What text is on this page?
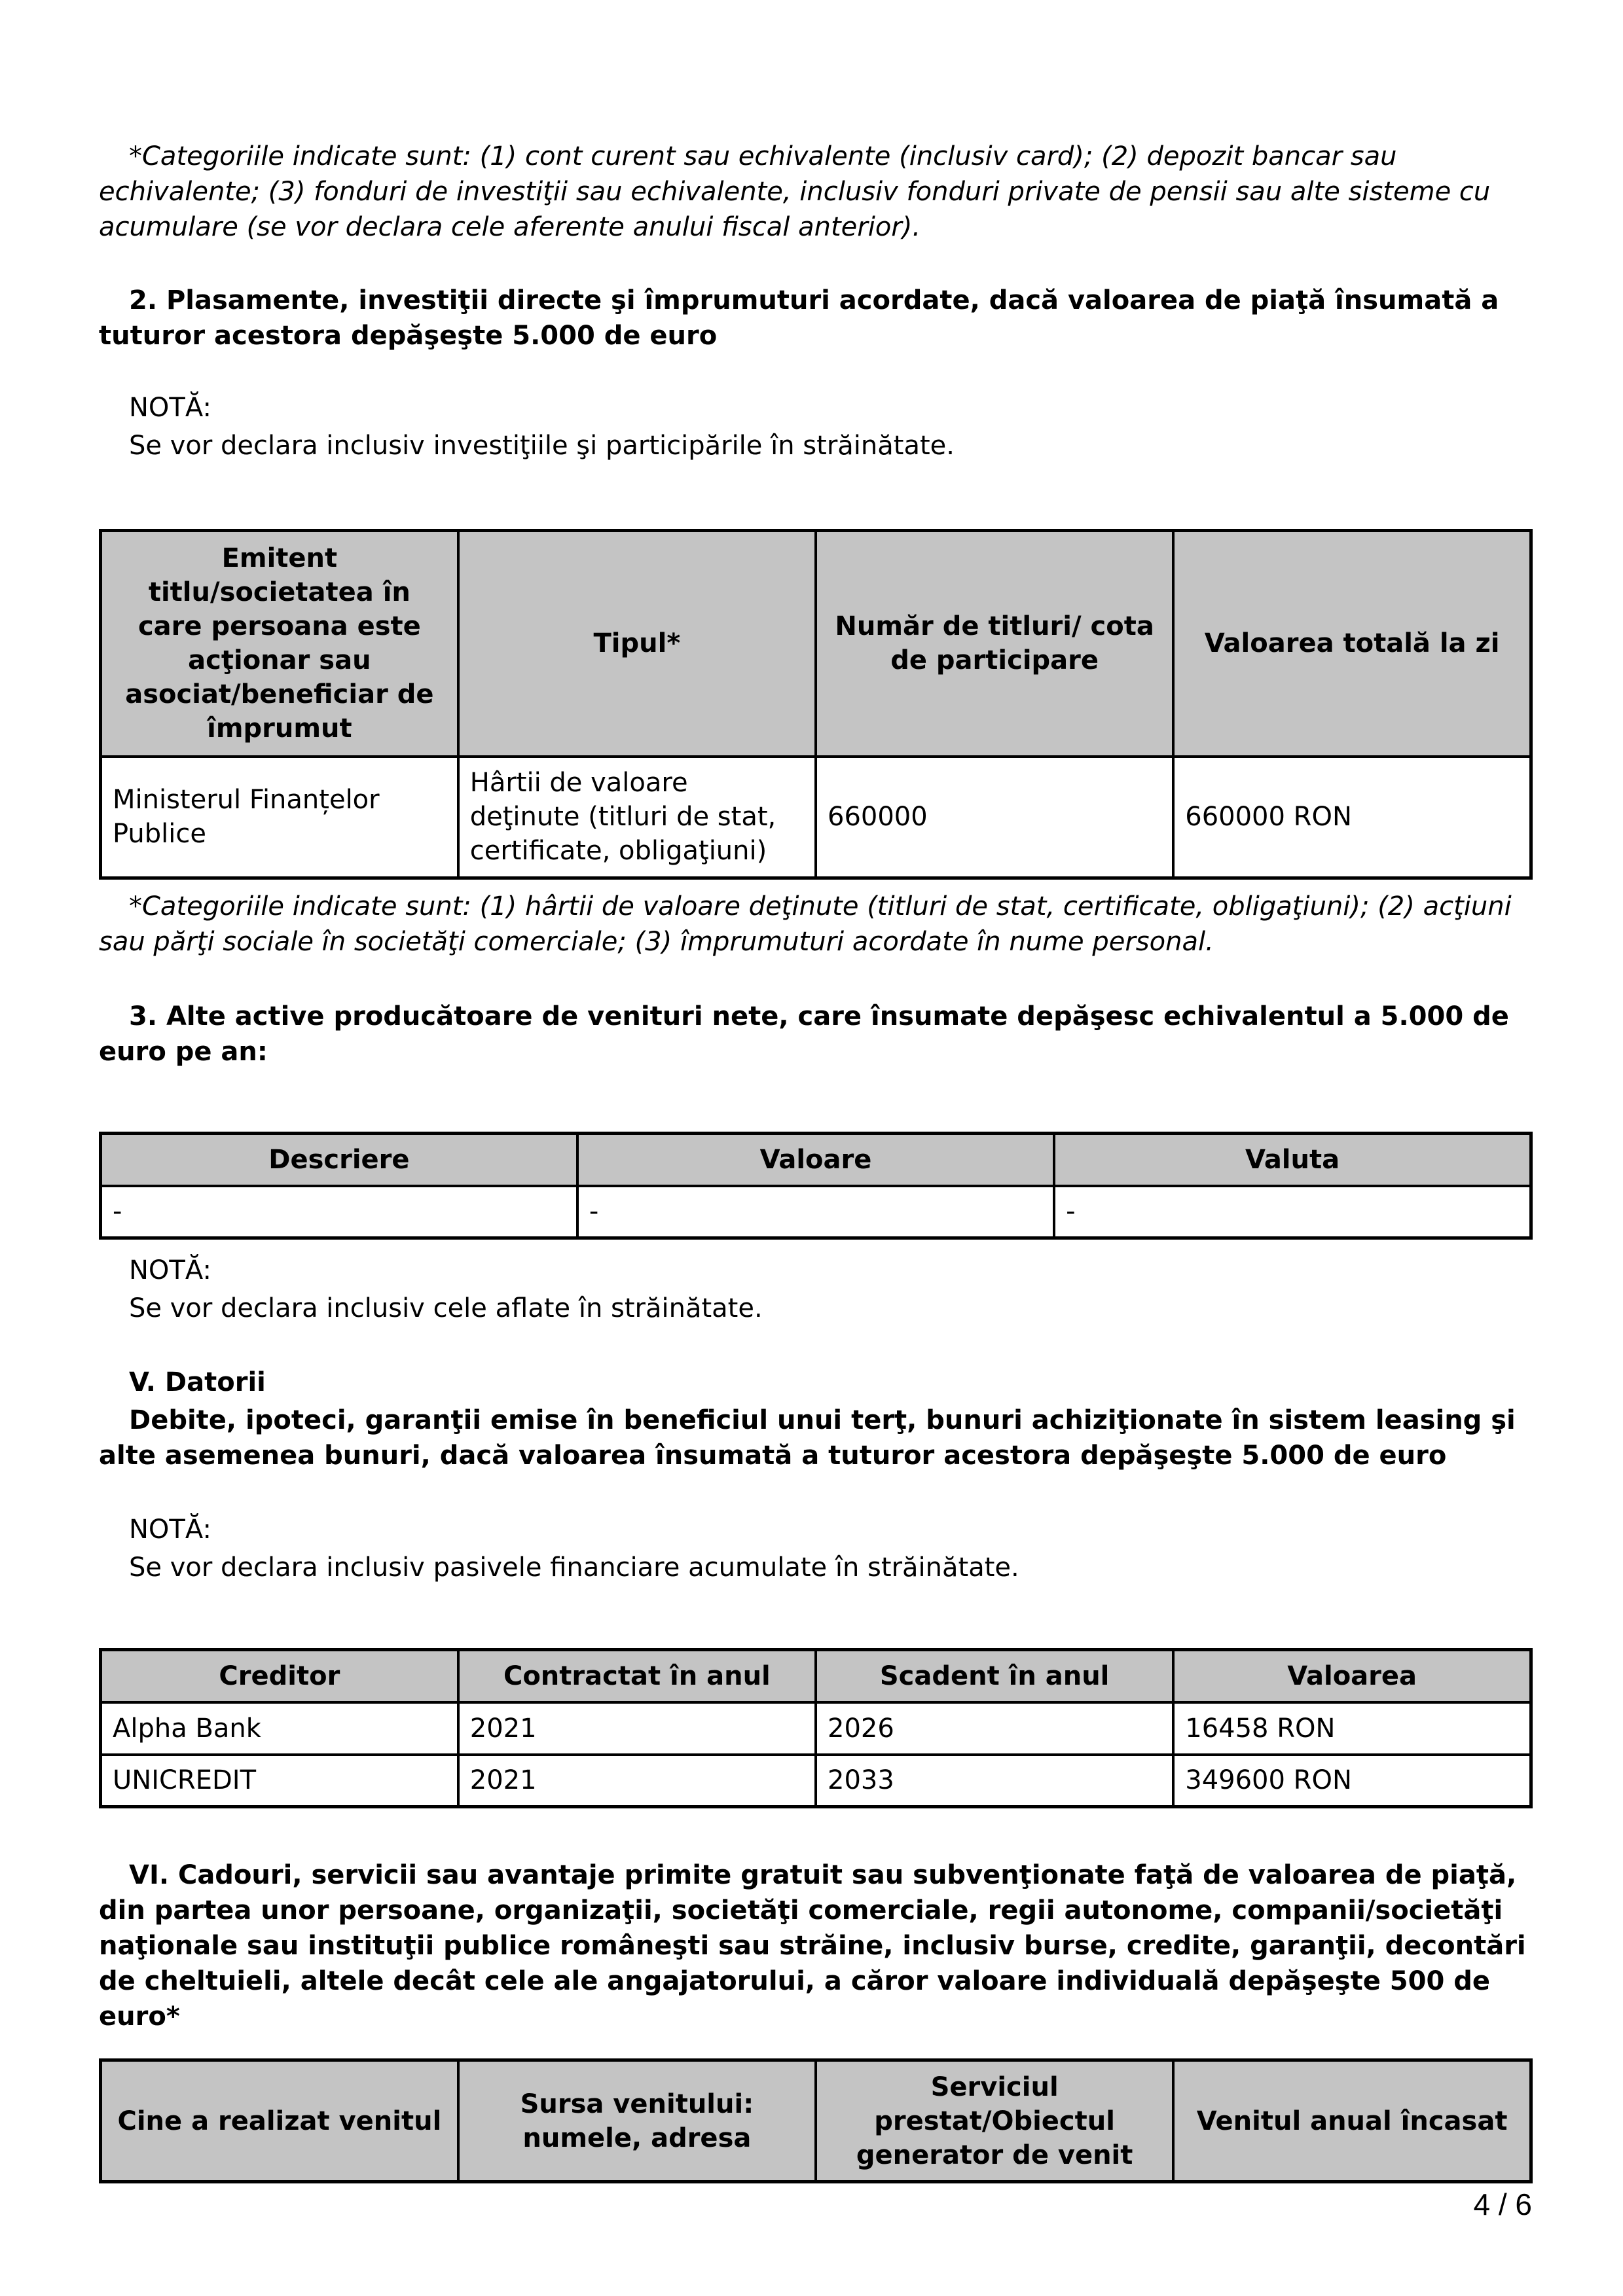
*Categoriile indicate sunt: (1) cont curent sau echivalente (inclusiv card); (2) depozit bancar sau echivalente; (3) fonduri de investiţii sau echivalente, inclusiv fonduri private de pensii sau alte sisteme cu acumulare (se vor declara cele aferente anului fiscal anterior).

2. Plasamente, investiţii directe şi împrumuturi acordate, dacă valoarea de piaţă însumată a tuturor acestora depăşeşte 5.000 de euro

NOTĂ:

Se vor declara inclusiv investiţiile şi participările în străinătate.

Emitent titlu/societatea în care persoana este acţionar sau asociat/beneficiar de împrumut	Tipul*	Număr de titluri/ cota de participare	Valoarea totală la zi
Ministerul Finanțelor Publice	Hârtii de valoare deţinute (titluri de stat, certificate, obligaţiuni)	660000	660000 RON

*Categoriile indicate sunt: (1) hârtii de valoare deţinute (titluri de stat, certificate, obligaţiuni); (2) acţiuni sau părţi sociale în societăţi comerciale; (3) împrumuturi acordate în nume personal.

3. Alte active producătoare de venituri nete, care însumate depăşesc echivalentul a 5.000 de euro pe an:

Descriere	Valoare	Valuta
-	-	-

NOTĂ:

Se vor declara inclusiv cele aflate în străinătate.

V. Datorii

Debite, ipoteci, garanţii emise în beneficiul unui terţ, bunuri achiziţionate în sistem leasing şi alte asemenea bunuri, dacă valoarea însumată a tuturor acestora depăşeşte 5.000 de euro

NOTĂ:

Se vor declara inclusiv pasivele financiare acumulate în străinătate.

Creditor	Contractat în anul	Scadent în anul	Valoarea
Alpha Bank	2021	2026	16458 RON
UNICREDIT	2021	2033	349600 RON

VI. Cadouri, servicii sau avantaje primite gratuit sau subvenţionate faţă de valoarea de piaţă, din partea unor persoane, organizaţii, societăţi comerciale, regii autonome, companii/societăţi naţionale sau instituţii publice româneşti sau străine, inclusiv burse, credite, garanţii, decontări de cheltuieli, altele decât cele ale angajatorului, a căror valoare individuală depăşeşte 500 de euro*

Cine a realizat venitul	Sursa venitului: numele, adresa	Serviciul prestat/Obiectul generator de venit	Venitul anual încasat
4 / 6
